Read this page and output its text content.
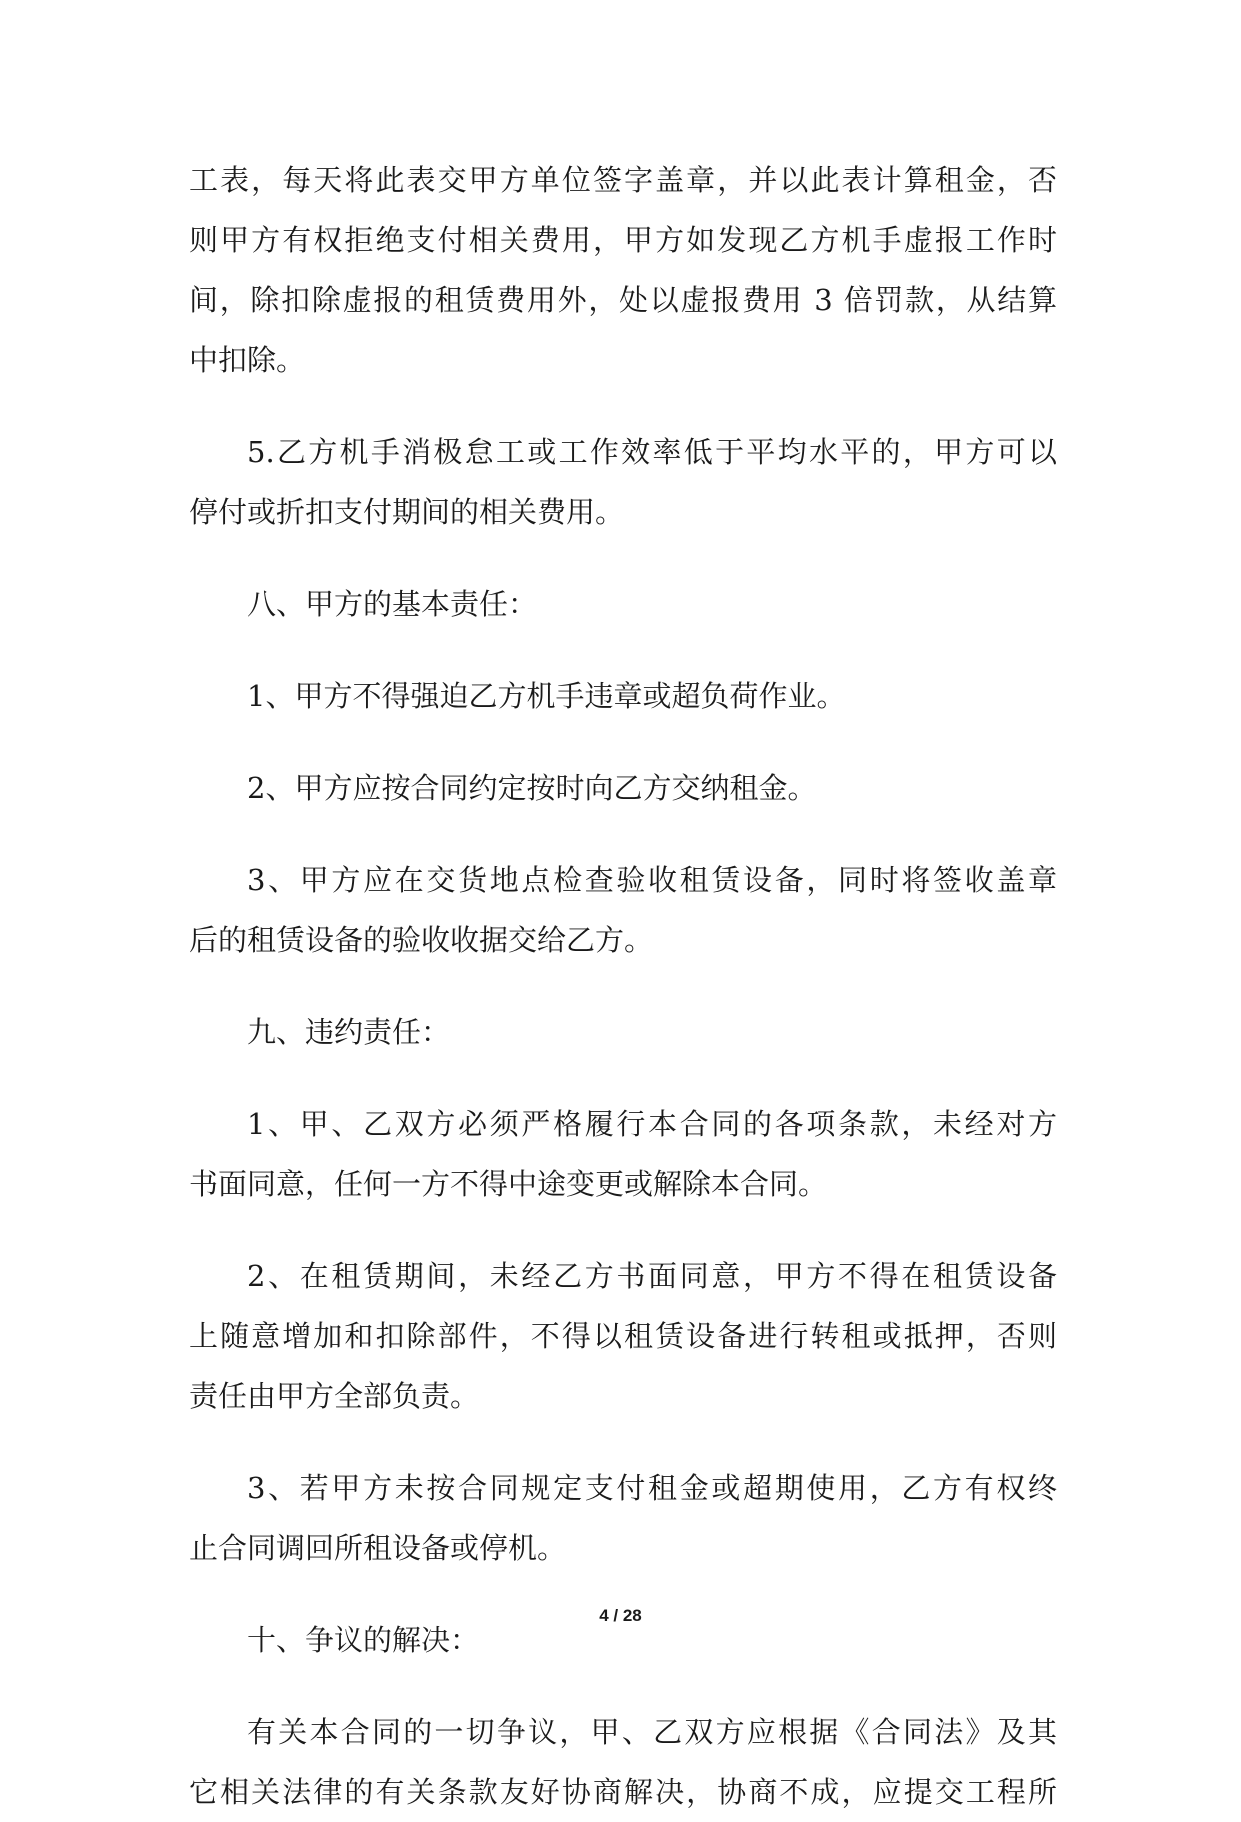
工表，每天将此表交甲方单位签字盖章，并以此表计算租金，否
则甲方有权拒绝支付相关费用，甲方如发现乙方机手虚报工作时
间，除扣除虚报的租赁费用外，处以虚报费用 3 倍罚款，从结算
中扣除。
5.乙方机手消极怠工或工作效率低于平均水平的，甲方可以
停付或折扣支付期间的相关费用。
八、甲方的基本责任：
1、甲方不得强迫乙方机手违章或超负荷作业。
2、甲方应按合同约定按时向乙方交纳租金。
3、甲方应在交货地点检查验收租赁设备，同时将签收盖章
后的租赁设备的验收收据交给乙方。
九、违约责任：
1、甲、乙双方必须严格履行本合同的各项条款，未经对方
书面同意，任何一方不得中途变更或解除本合同。
2、在租赁期间，未经乙方书面同意，甲方不得在租赁设备
上随意增加和扣除部件，不得以租赁设备进行转租或抵押，否则
责任由甲方全部负责。
3、若甲方未按合同规定支付租金或超期使用，乙方有权终
止合同调回所租设备或停机。
十、争议的解决：
有关本合同的一切争议，甲、乙双方应根据《合同法》及其
它相关法律的有关条款友好协商解决，协商不成，应提交工程所
4 / 28
